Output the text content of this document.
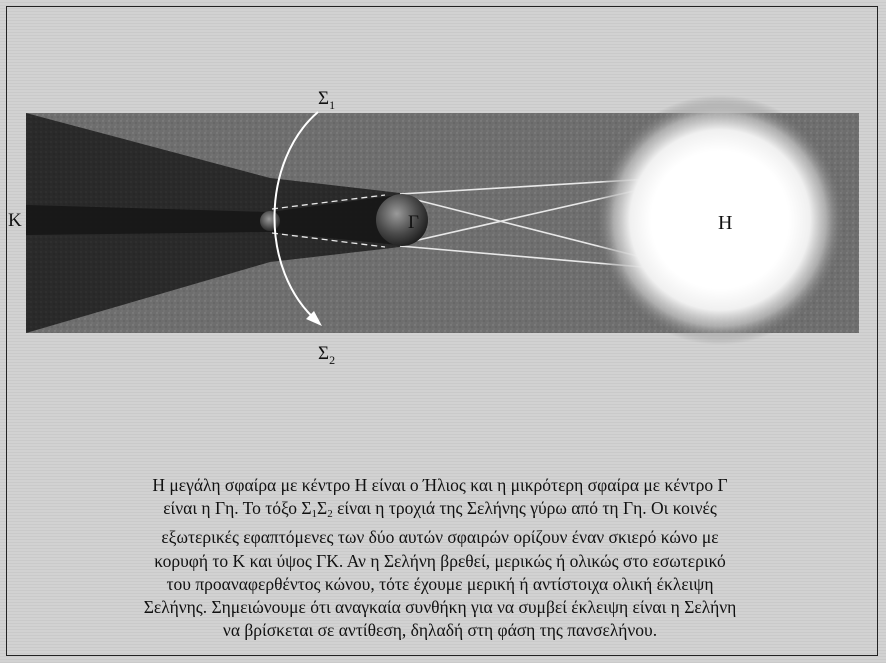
K	Γ	Η
$\Sigma_1$
$\Sigma_2$
Η μεγάλη σφαίρα με κέντρο Η είναι ο Ήλιος και η μικρότερη σφαίρα με κέντρο Γ
είναι η Γη. Το τόξο $\Sigma_1\Sigma_2$ είναι η τροχιά της Σελήνης γύρω από τη Γη. Οι κοινές
εξωτερικές εφαπτόμενες των δύο αυτών σφαιρών ορίζουν έναν σκιερό κώνο με
κορυφή το Κ και ύψος ΓΚ. Αν η Σελήνη βρεθεί, μερικώς ή ολικώς στο εσωτερικό
του προαναφερθέντος κώνου, τότε έχουμε μερική ή αντίστοιχα ολική έκλειψη
Σελήνης. Σημειώνουμε ότι αναγκαία συνθήκη για να συμβεί έκλειψη είναι η Σελήνη
να βρίσκεται σε αντίθεση, δηλαδή στη φάση της πανσελήνου.
